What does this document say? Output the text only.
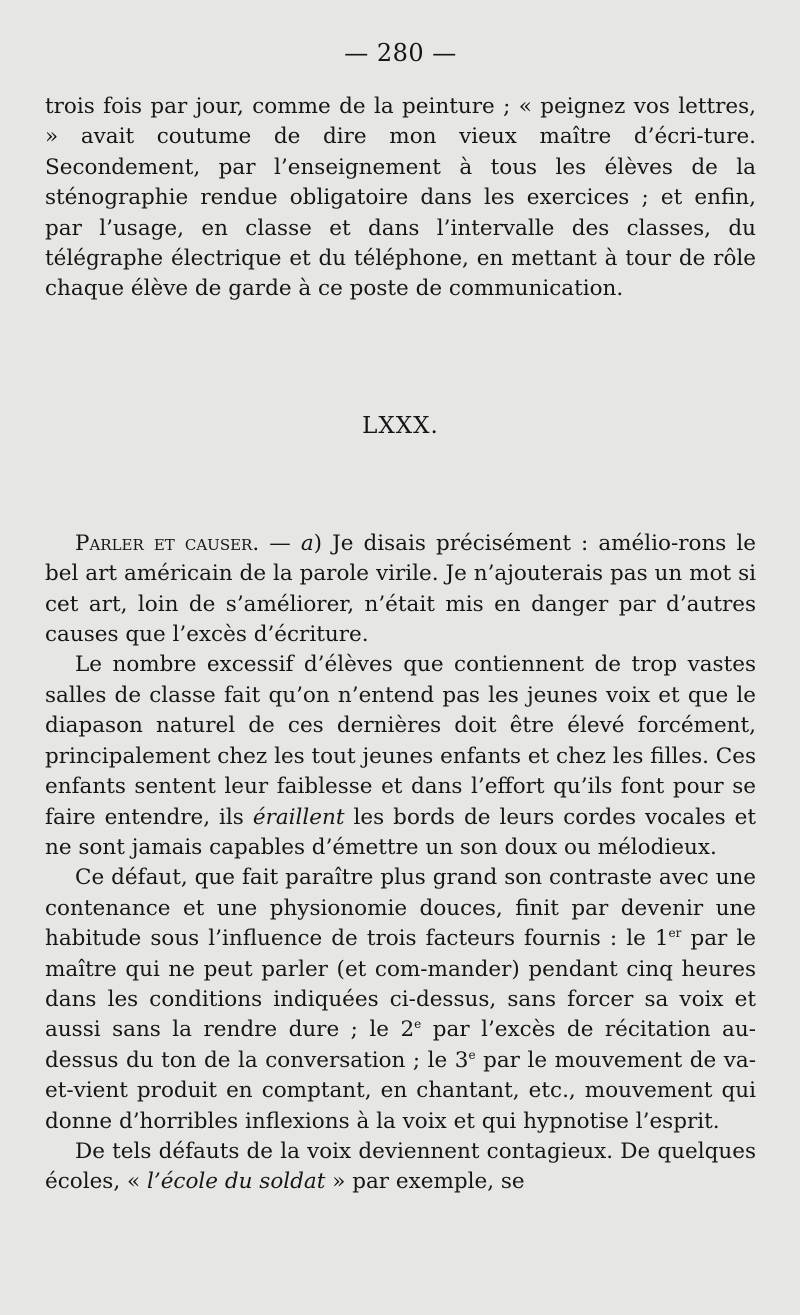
— 280 —

trois fois par jour, comme de la peinture ; « peignez vos lettres, » avait coutume de dire mon vieux maître d’écri-ture. Secondement, par l’enseignement à tous les élèves de la sténographie rendue obligatoire dans les exercices ; et enfin, par l’usage, en classe et dans l’intervalle des classes, du télégraphe électrique et du téléphone, en mettant à tour de rôle chaque élève de garde à ce poste de communication.

LXXX.

Parler et causer. — a) Je disais précisément : amélio-rons le bel art américain de la parole virile. Je n’ajouterais pas un mot si cet art, loin de s’améliorer, n’était mis en danger par d’autres causes que l’excès d’écriture.

Le nombre excessif d’élèves que contiennent de trop vastes salles de classe fait qu’on n’entend pas les jeunes voix et que le diapason naturel de ces dernières doit être élevé forcément, principalement chez les tout jeunes enfants et chez les filles. Ces enfants sentent leur faiblesse et dans l’effort qu’ils font pour se faire entendre, ils éraillent les bords de leurs cordes vocales et ne sont jamais capables d’émettre un son doux ou mélodieux.

Ce défaut, que fait paraître plus grand son contraste avec une contenance et une physionomie douces, finit par devenir une habitude sous l’influence de trois facteurs fournis : le 1er par le maître qui ne peut parler (et com-mander) pendant cinq heures dans les conditions indiquées ci-dessus, sans forcer sa voix et aussi sans la rendre dure ; le 2e par l’excès de récitation au-dessus du ton de la conversation ; le 3e par le mouvement de va-et-vient produit en comptant, en chantant, etc., mouvement qui donne d’horribles inflexions à la voix et qui hypnotise l’esprit.

De tels défauts de la voix deviennent contagieux. De quelques écoles, « l’école du soldat » par exemple, se
